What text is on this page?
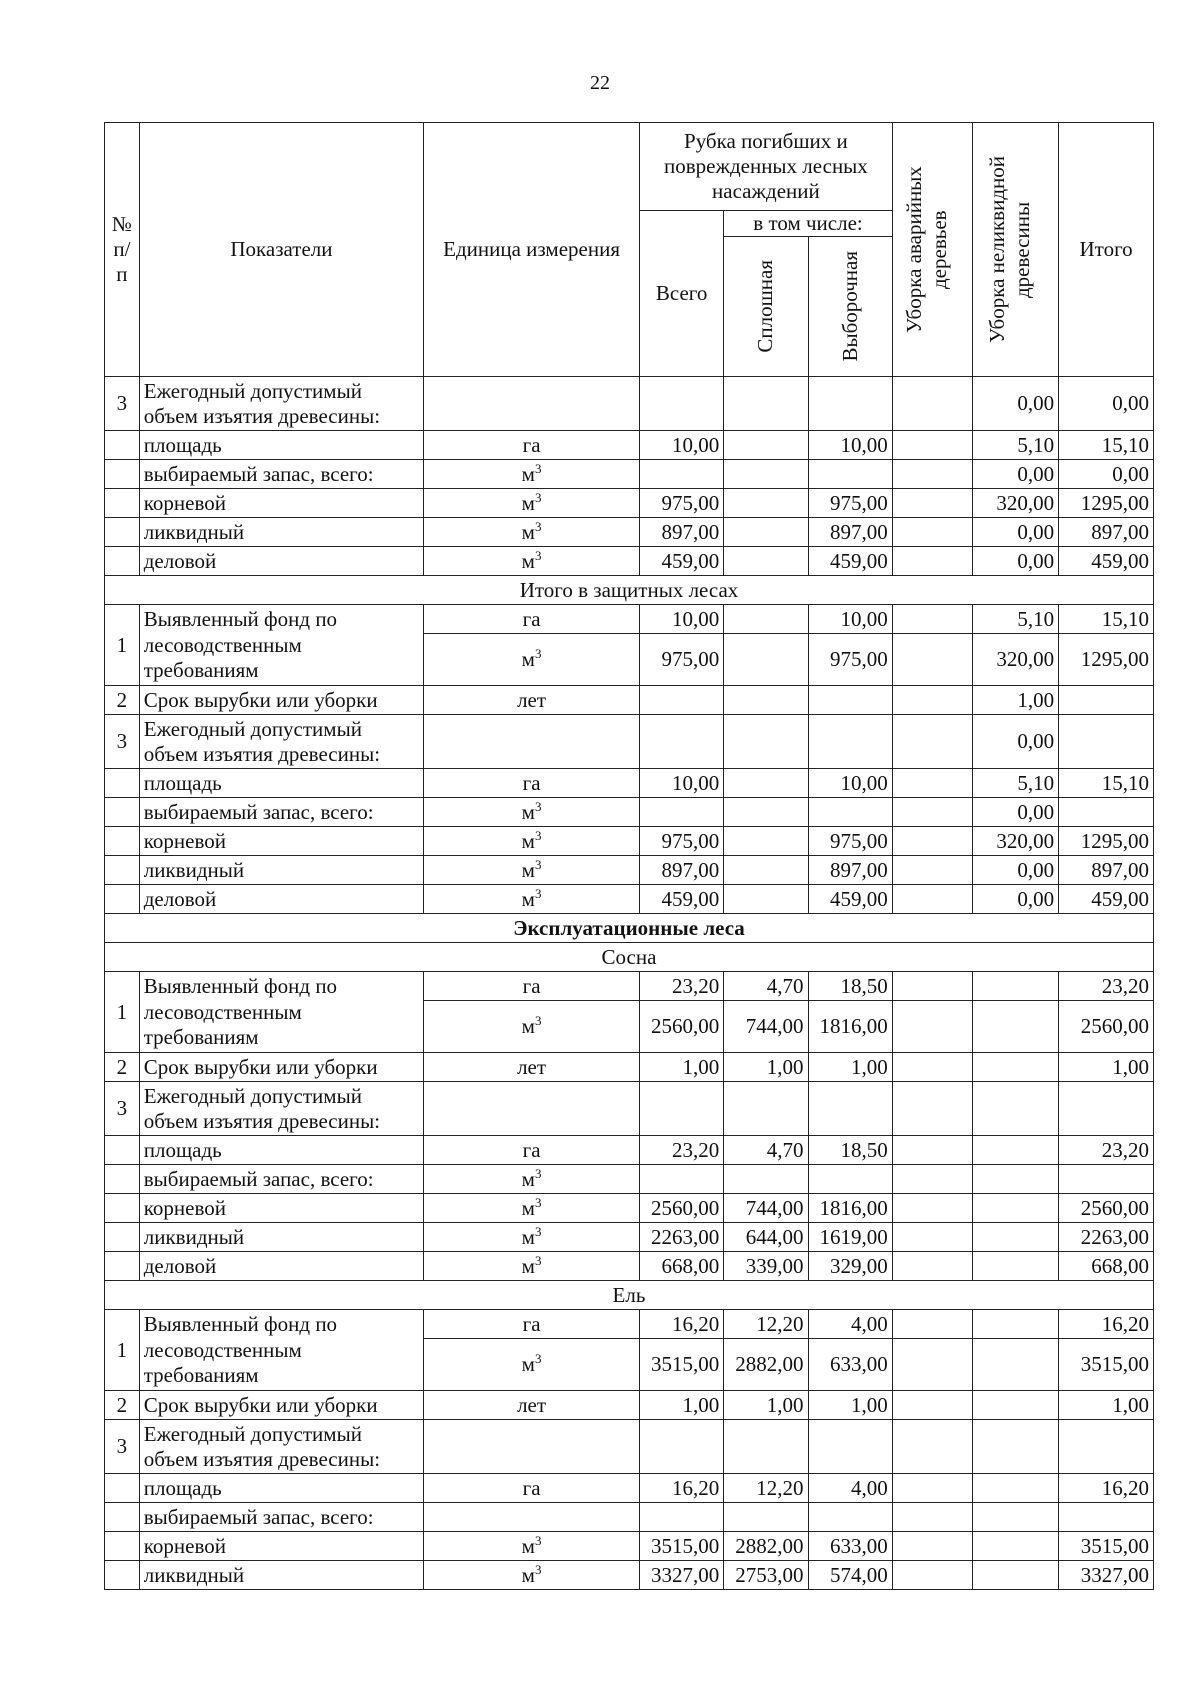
22
№ п/п	Показатели	Единица измерения	Рубка погибших и поврежденных лесных насаждений			Уборка аварийных деревьев	Уборка неликвидной древесины	Итого
			Всего	в том числе:				

				Сплошная	Выборочная			

3	Ежегодный допустимый объем изъятия древесины:						0,00	0,00
	площадь	га	10,00		10,00		5,10	15,10
	выбираемый запас, всего:	$м^3$					0,00	0,00
	корневой	$м^3$	975,00		975,00		320,00	1295,00
	ликвидный	$м^3$	897,00		897,00		0,00	897,00
	деловой	$м^3$	459,00		459,00		0,00	459,00
Итого в защитных лесах								
1	Выявленный фонд по лесоводственным требованиям	га	10,00		10,00		5,10	15,10
		$м^3$	975,00		975,00		320,00	1295,00
2	Срок вырубки или уборки	лет					1,00	
3	Ежегодный допустимый объем изъятия древесины:						0,00	
	площадь	га	10,00		10,00		5,10	15,10
	выбираемый запас, всего:	$м^3$					0,00	
	корневой	$м^3$	975,00		975,00		320,00	1295,00
	ликвидный	$м^3$	897,00		897,00		0,00	897,00
	деловой	$м^3$	459,00		459,00		0,00	459,00
Эксплуатационные леса								
Сосна								
1	Выявленный фонд по лесоводственным требованиям	га	23,20	4,70	18,50			23,20
		$м^3$	2560,00	744,00	1816,00			2560,00
2	Срок вырубки или уборки	лет	1,00	1,00	1,00			1,00
3	Ежегодный допустимый объем изъятия древесины:							
	площадь	га	23,20	4,70	18,50			23,20
	выбираемый запас, всего:	$м^3$						
	корневой	$м^3$	2560,00	744,00	1816,00			2560,00
	ликвидный	$м^3$	2263,00	644,00	1619,00			2263,00
	деловой	$м^3$	668,00	339,00	329,00			668,00
Ель								
1	Выявленный фонд по лесоводственным требованиям	га	16,20	12,20	4,00			16,20
		$м^3$	3515,00	2882,00	633,00			3515,00
2	Срок вырубки или уборки	лет	1,00	1,00	1,00			1,00
3	Ежегодный допустимый объем изъятия древесины:							
	площадь	га	16,20	12,20	4,00			16,20
	выбираемый запас, всего:							
	корневой	$м^3$	3515,00	2882,00	633,00			3515,00
	ликвидный	$м^3$	3327,00	2753,00	574,00			3327,00
